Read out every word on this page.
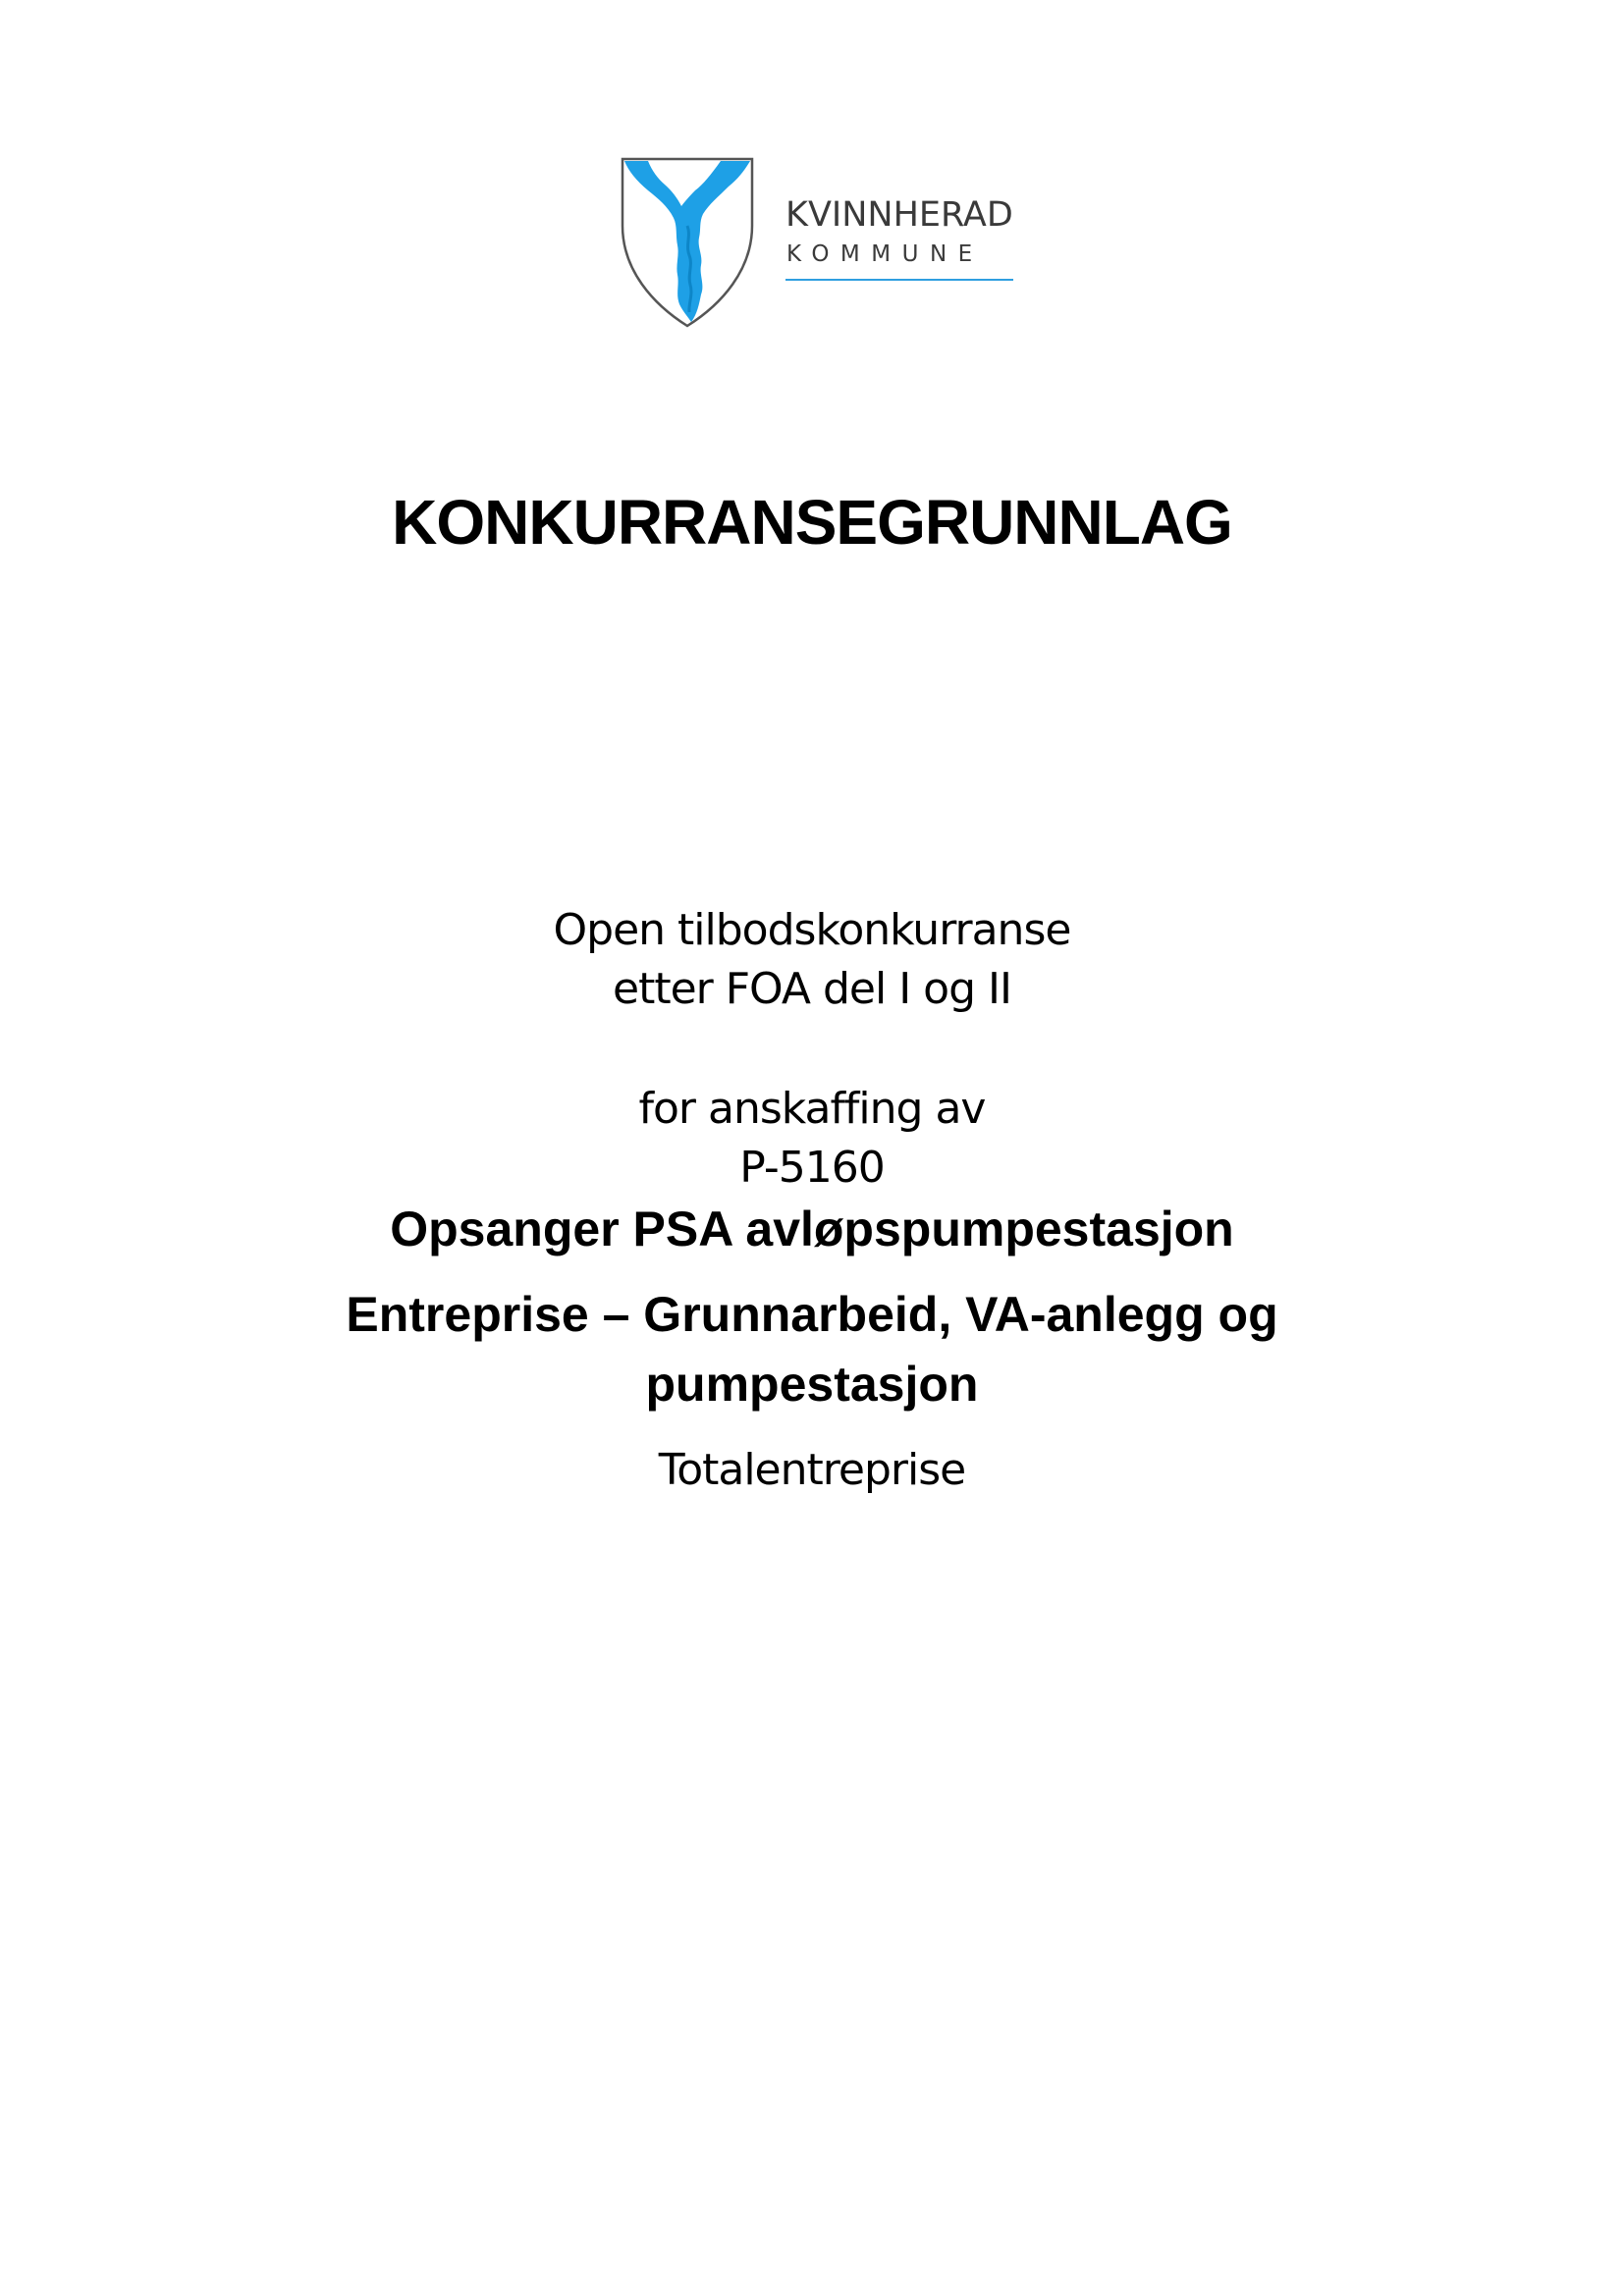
KVINNHERAD
KOMMUNE
KONKURRANSEGRUNNLAG
Open tilbodskonkurranse
etter FOA del I og II
for anskaffing av
P-5160
Opsanger PSA avløpspumpestasjon
Entreprise – Grunnarbeid, VA-anlegg og
pumpestasjon
Totalentreprise
